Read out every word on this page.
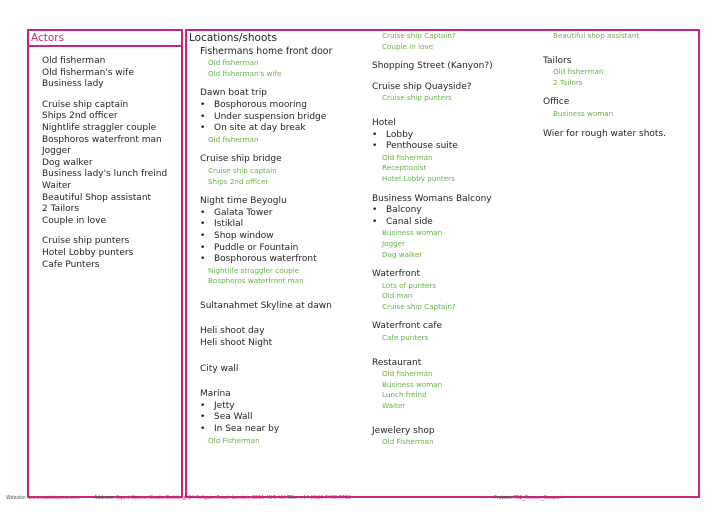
Actors	Locations/shoots
Old fisherman
Old fisherman's wife
Business lady
Cruise ship captain
Ships 2nd officer
Nightlife straggler couple
Bosphoros waterfront man
Jogger
Dog walker
Business lady's lunch freind
Waiter
Beautiful Shop assistant
2 Tailors
Couple in love
Cruise ship punters
Hotel Lobby punters
Cafe Punters
Fishermans home front door
Old fisherman
Old fisherman's wife
Dawn boat trip
• Bosphorous mooring
• Under suspension bridge
• On site at day break
Old fisherman
Cruise ship bridge
Cruise ship captain
Ships 2nd officer
Night time Beyoglu
• Galata Tower
• Istiklal
• Shop window
• Puddle or Fountain
• Bosphorous waterfront
Nightlife straggler couple
Bosphoros waterfront man
Sultanahmet Skyline at dawn
Heli shoot day
Heli shoot Night
City wall
Marina
• Jetty
• Sea Wall
• In Sea near by
Old Fisherman
Cruise ship Captain?
Couple in love
Shopping Street (Kanyon?)
Cruise ship Quayside?
Cruise ship punters
Hotel
• Lobby
• Penthouse suite
Old fisherman
Receptionist
Hotel Lobby punters
Business Womans Balcony
• Balcony
• Canal side
Business woman
Jogger
Dog walker
Waterfront
Lots of punters
Old man
Cruise ship Captain?
Waterfront cafe
Cafe punters
Restaurant
Old fisherman
Business woman
Lunch freind
Waiter
Jewelery shop
Old Fisherman
Beautiful shop assistant
Tailors
Old fisherman
2 Tailors
Office
Business woman
Wier for rough water shots.
Website: www.squidopera.com	Address: Squid Opera, Studio Building, 34 Fellgate Road, London, E811 4NR, UK TEL: +44 (0)20 7478 7788	Project: TS2_Recom_Seaport
